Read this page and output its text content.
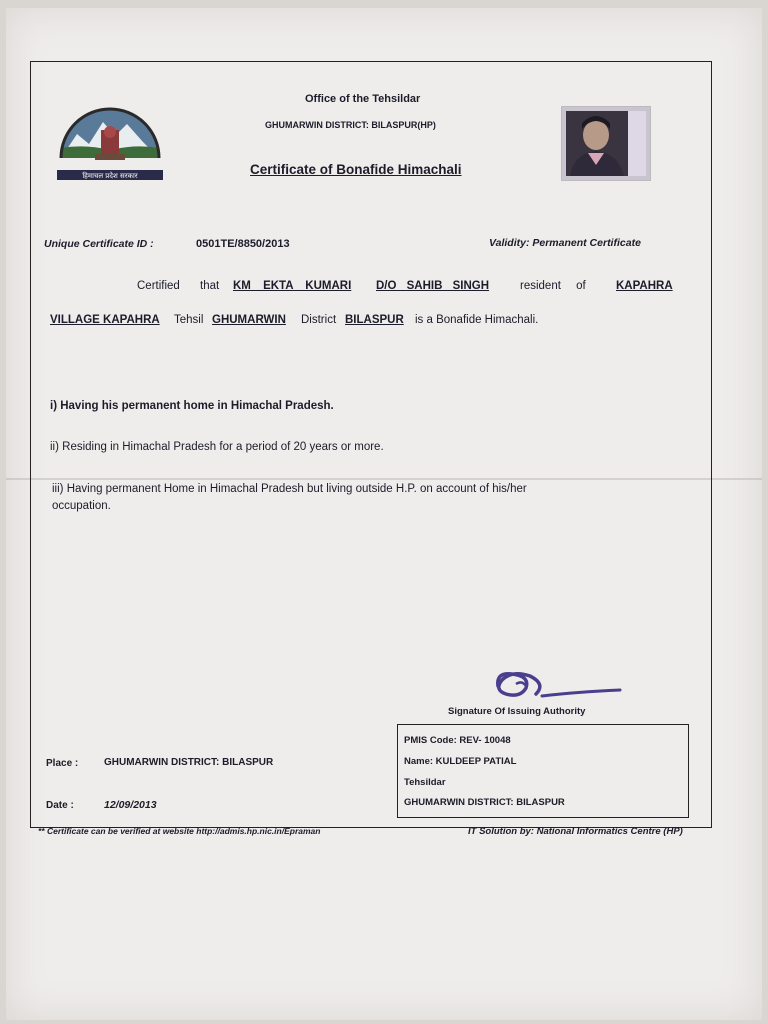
हिमाचल प्रदेश सरकार
Office of the Tehsildar
GHUMARWIN DISTRICT: BILASPUR(HP)
Certificate of Bonafide Himachali
Unique Certificate ID :	0501TE/8850/2013	Validity: Permanent Certificate
Certified that KM EKTA KUMARI D/O SAHIB SINGH	resident of	KAPAHRA
VILLAGE KAPAHRA Tehsil GHUMARWIN District BILASPUR is a Bonafide Himachali.
i) Having his permanent home in Himachal Pradesh.
ii) Residing in Himachal Pradesh for a period of 20 years or more.
iii) Having permanent Home in Himachal Pradesh but living outside H.P. on account of his/her
occupation.
Signature Of Issuing Authority
PMIS Code: REV- 10048
Name: KULDEEP PATIAL
Tehsildar
GHUMARWIN DISTRICT: BILASPUR
Place :	GHUMARWIN DISTRICT: BILASPUR
Date :	12/09/2013
** Certificate can be verified at website http://admis.hp.nic.in/Epraman	IT Solution by: National Informatics Centre (HP)
